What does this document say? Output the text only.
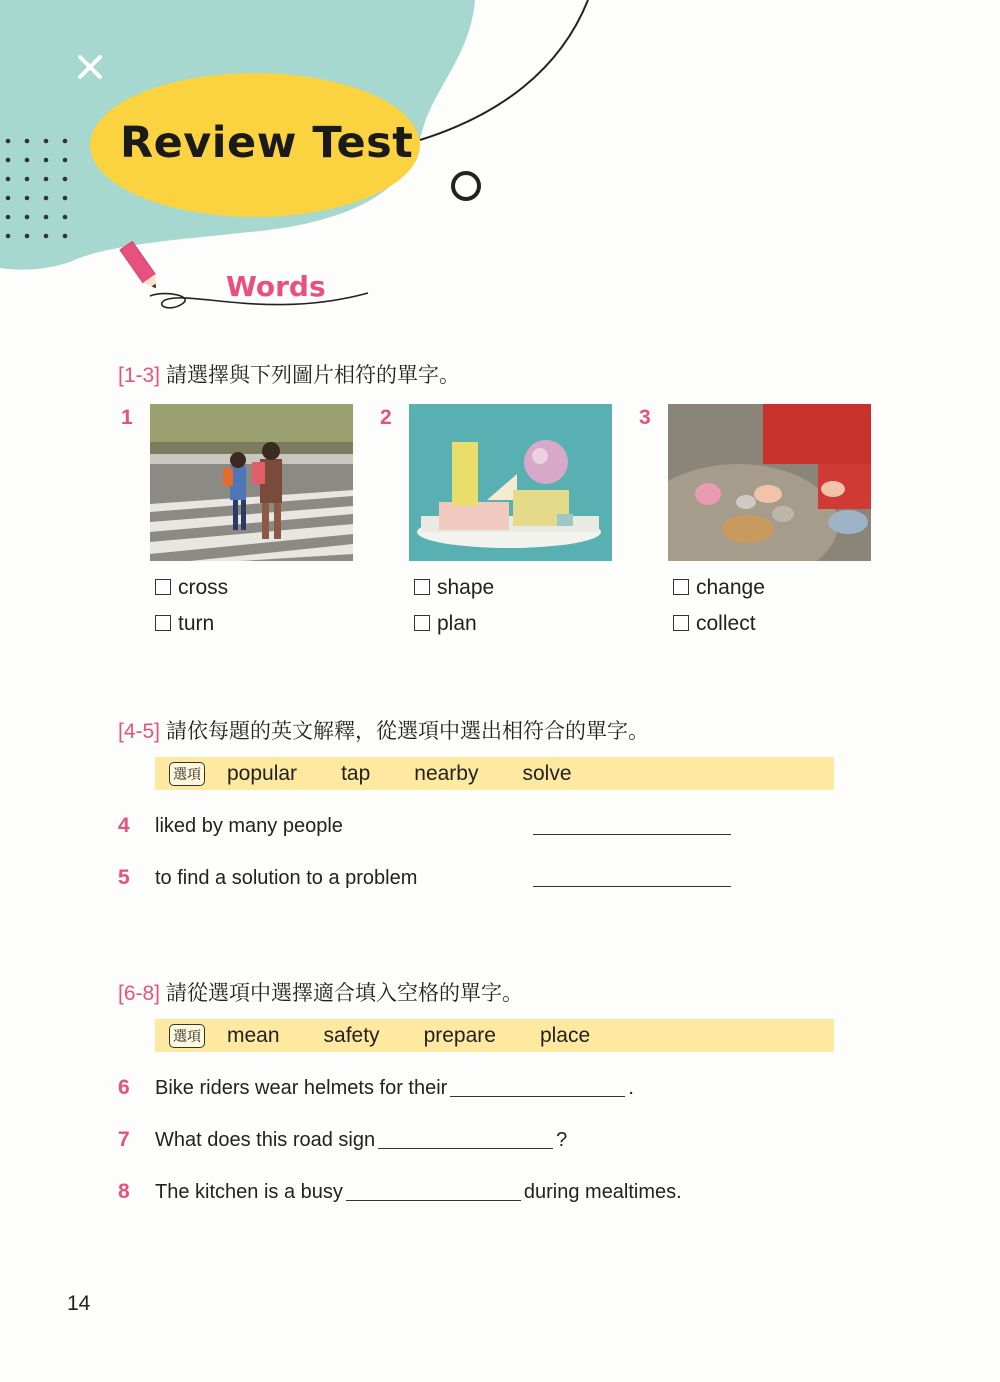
Review Test
Words
[1-3] 請選擇與下列圖片相符的單字。
1	2	3
cross
turn
shape
plan
change
collect
[4-5] 請依每題的英文解釋，從選項中選出相符合的單字。
選項 popular tap nearby solve
4 liked by many people
5 to find a solution to a problem
[6-8] 請從選項中選擇適合填入空格的單字。
選項 mean safety prepare place
6 Bike riders wear helmets for their	.
7 What does this road sign	?
8 The kitchen is a busy	during mealtimes.
14
